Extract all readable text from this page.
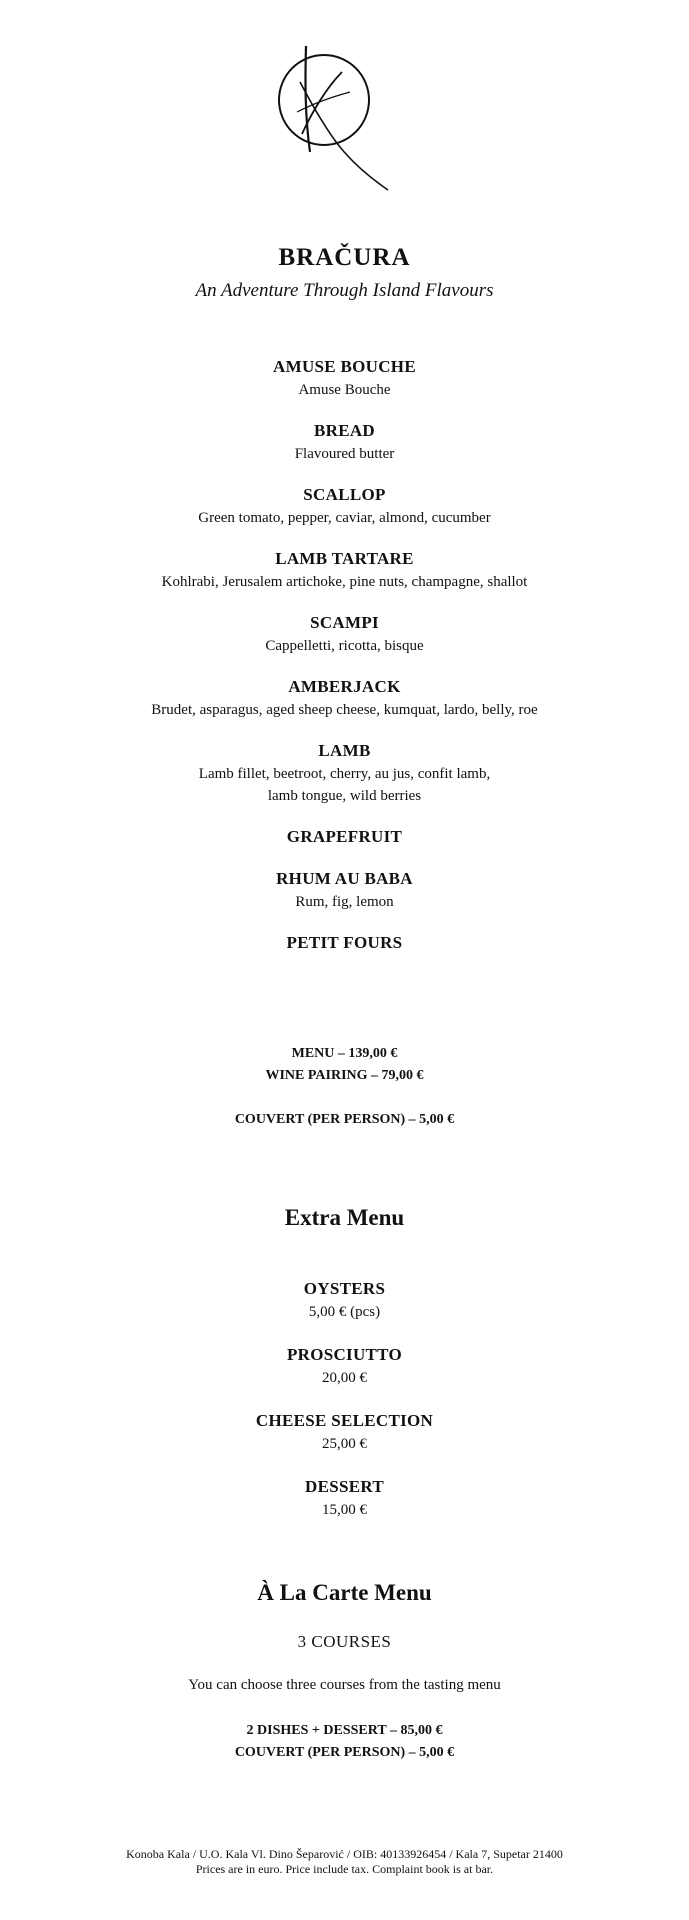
BRAČURA
An Adventure Through Island Flavours
AMUSE BOUCHE
Amuse Bouche
BREAD
Flavoured butter
SCALLOP
Green tomato, pepper, caviar, almond, cucumber
LAMB TARTARE
Kohlrabi, Jerusalem artichoke, pine nuts, champagne, shallot
SCAMPI
Cappelletti, ricotta, bisque
AMBERJACK
Brudet, asparagus, aged sheep cheese, kumquat, lardo, belly, roe
LAMB
Lamb fillet, beetroot, cherry, au jus, confit lamb,
lamb tongue, wild berries
GRAPEFRUIT
RHUM AU BABA
Rum, fig, lemon
PETIT FOURS
MENU – 139,00 €
WINE PAIRING – 79,00 €
COUVERT (PER PERSON) – 5,00 €
Extra Menu
OYSTERS
5,00 € (pcs)
PROSCIUTTO
20,00 €
CHEESE SELECTION
25,00 €
DESSERT
15,00 €
À La Carte Menu
3 COURSES
You can choose three courses from the tasting menu
2 DISHES + DESSERT – 85,00 €
COUVERT (PER PERSON) – 5,00 €
Konoba Kala / U.O. Kala Vl. Dino Šeparović / OIB: 40133926454 / Kala 7, Supetar 21400
Prices are in euro. Price include tax. Complaint book is at bar.
